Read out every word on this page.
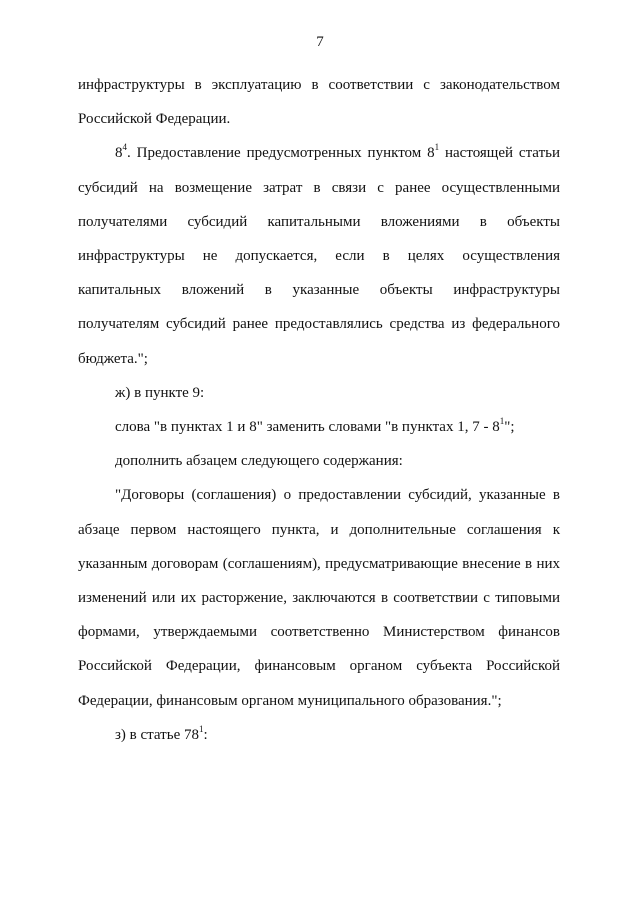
7

инфраструктуры в эксплуатацию в соответствии с законодательством Российской Федерации.

$8^4$. Предоставление предусмотренных пунктом $8^1$ настоящей статьи субсидий на возмещение затрат в связи с ранее осуществленными получателями субсидий капитальными вложениями в объекты инфраструктуры не допускается, если в целях осуществления капитальных вложений в указанные объекты инфраструктуры получателям субсидий ранее предоставлялись средства из федерального бюджета.";

ж) в пункте 9:

слова "в пунктах 1 и 8" заменить словами "в пунктах 1, $7 - 8^1$";

дополнить абзацем следующего содержания:

"Договоры (соглашения) о предоставлении субсидий, указанные в абзаце первом настоящего пункта, и дополнительные соглашения к указанным договорам (соглашениям), предусматривающие внесение в них изменений или их расторжение, заключаются в соответствии с типовыми формами, утверждаемыми соответственно Министерством финансов Российской Федерации, финансовым органом субъекта Российской Федерации, финансовым органом муниципального образования.";

з) в статье $78^1$:
